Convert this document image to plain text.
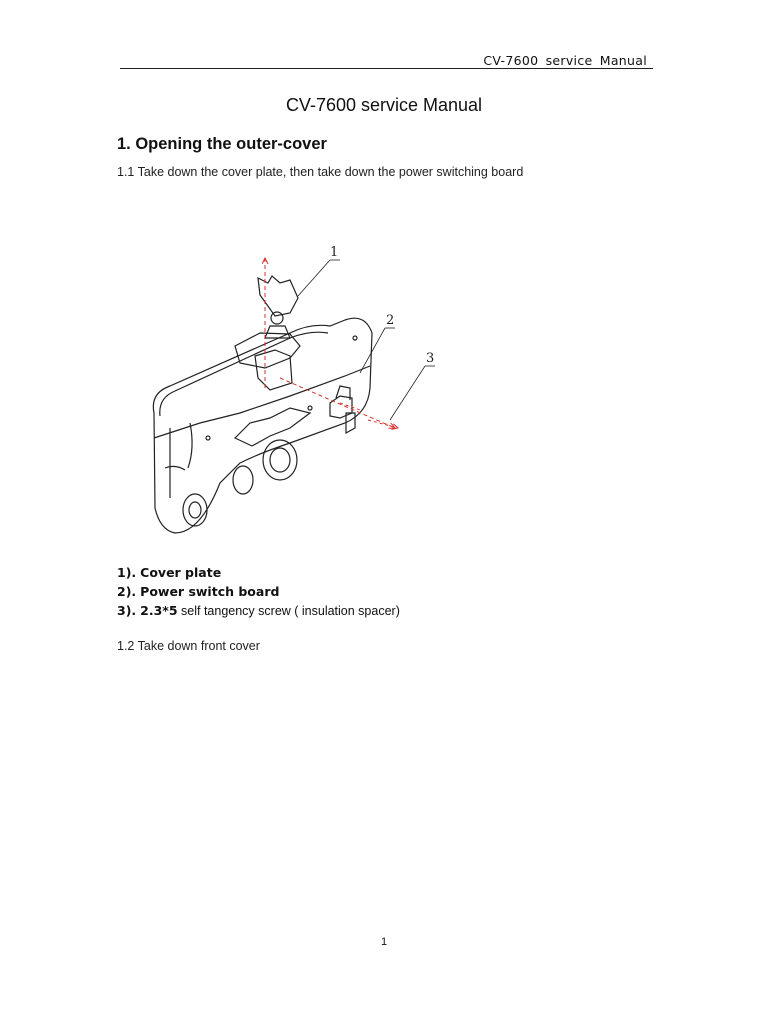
CV-7600 service Manual
CV-7600 service Manual
1. Opening the outer-cover
1.1 Take down the cover plate, then take down the power switching board
1
2
3
1). Cover plate
2). Power switch board
3). 2.3*5 self tangency screw ( insulation spacer)
1.2 Take down front cover
1
